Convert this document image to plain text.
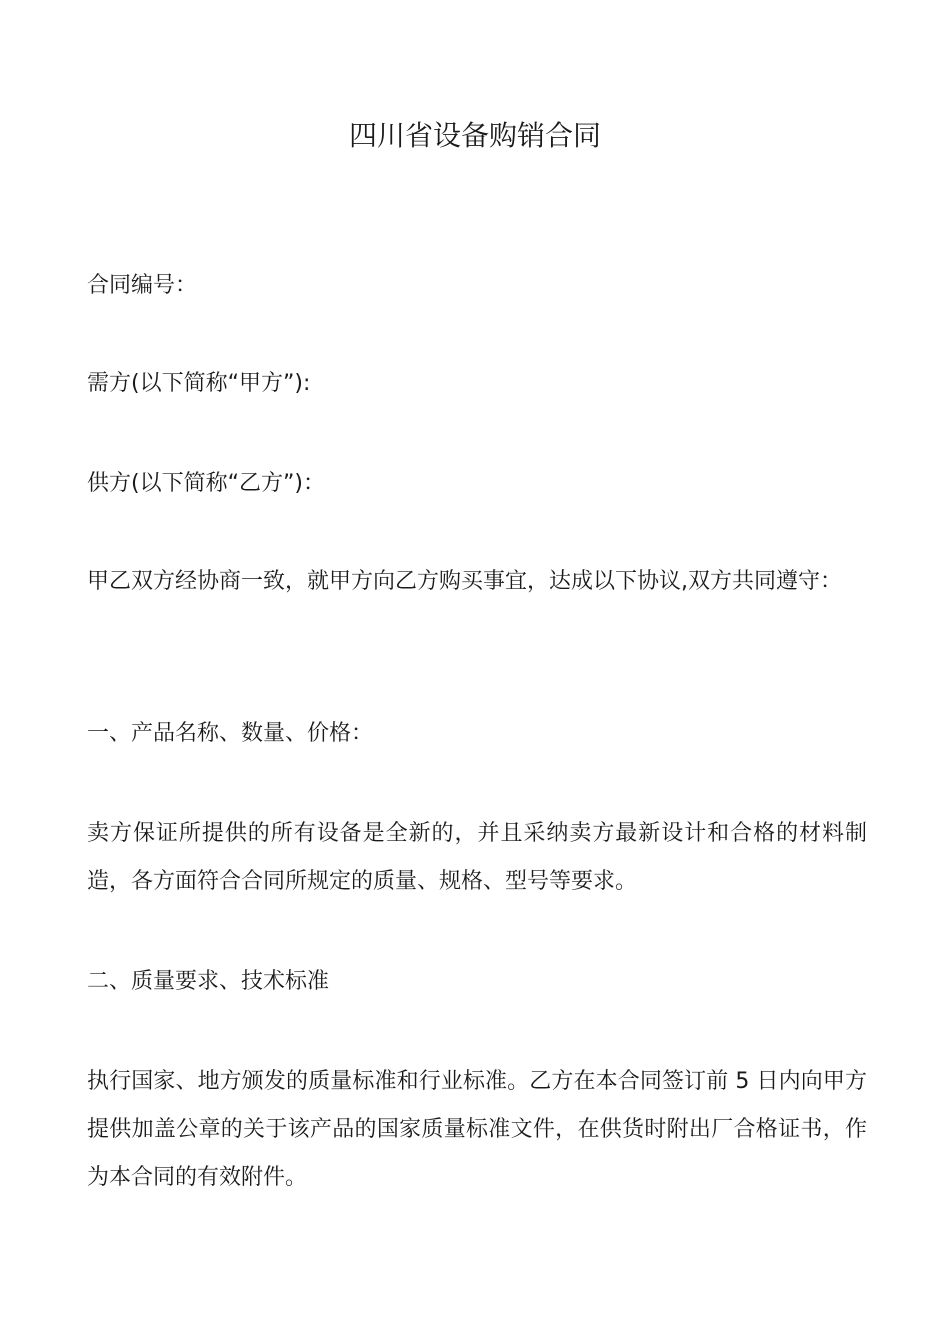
四川省设备购销合同

合同编号：

需方(以下简称“甲方”):

供方(以下简称“乙方”)：

甲乙双方经协商一致，就甲方向乙方购买事宜，达成以下协议,双方共同遵守：

一、产品名称、数量、价格：

卖方保证所提供的所有设备是全新的，并且采纳卖方最新设计和合格的材料制造，各方面符合合同所规定的质量、规格、型号等要求。

二、质量要求、技术标准

执行国家、地方颁发的质量标准和行业标准。乙方在本合同签订前 5 日内向甲方提供加盖公章的关于该产品的国家质量标准文件，在供货时附出厂合格证书，作为本合同的有效附件。
